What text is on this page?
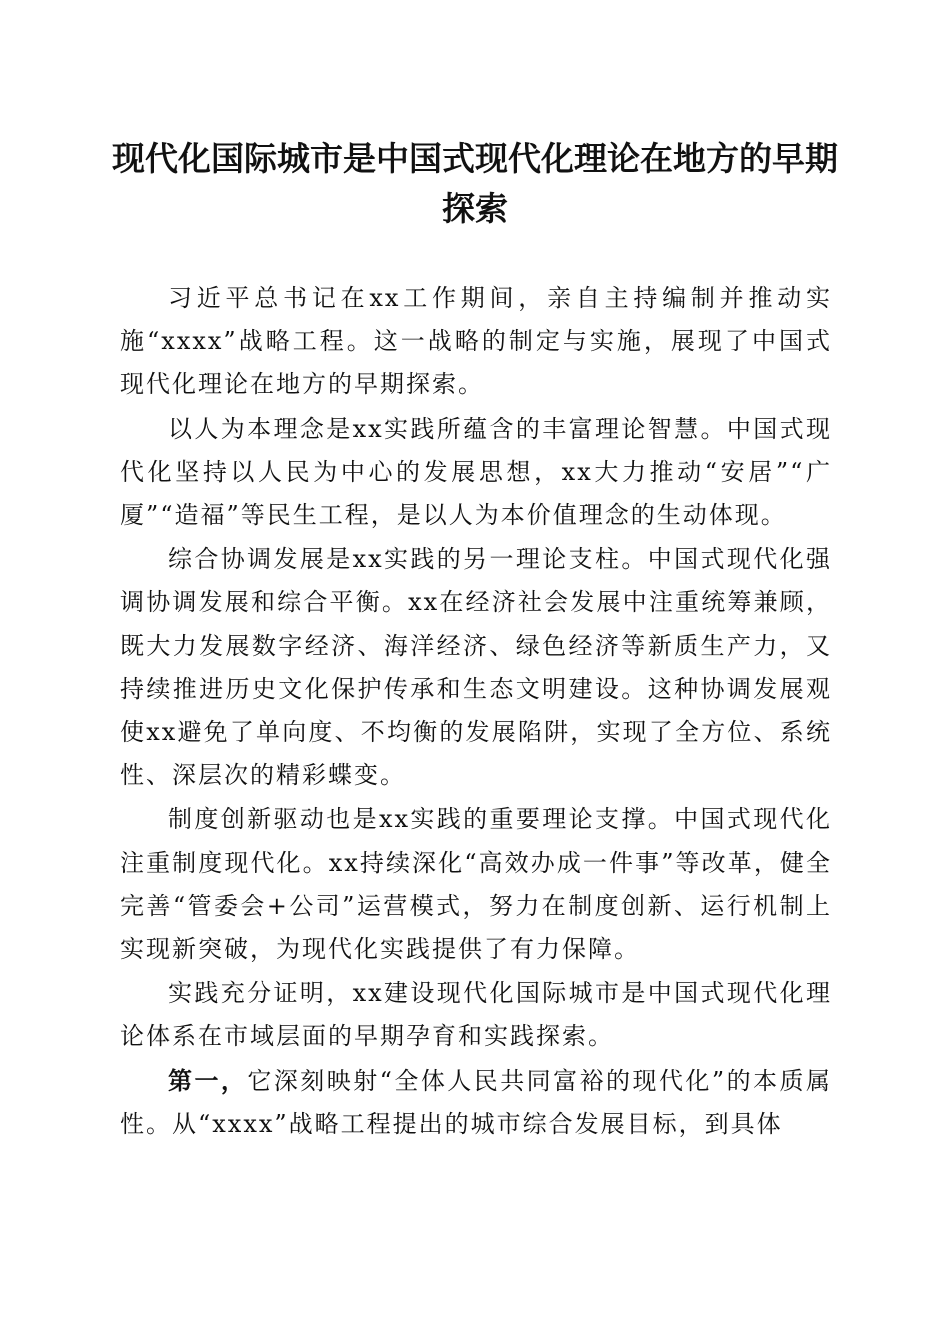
现代化国际城市是中国式现代化理论在地方的早期探索

习近平总书记在xx工作期间，亲自主持编制并推动实施“xxxx”战略工程。这一战略的制定与实施，展现了中国式现代化理论在地方的早期探索。

以人为本理念是xx实践所蕴含的丰富理论智慧。中国式现代化坚持以人民为中心的发展思想，xx大力推动“安居”“广厦”“造福”等民生工程，是以人为本价值理念的生动体现。

综合协调发展是xx实践的另一理论支柱。中国式现代化强调协调发展和综合平衡。xx在经济社会发展中注重统筹兼顾，既大力发展数字经济、海洋经济、绿色经济等新质生产力，又持续推进历史文化保护传承和生态文明建设。这种协调发展观使xx避免了单向度、不均衡的发展陷阱，实现了全方位、系统性、深层次的精彩蝶变。

制度创新驱动也是xx实践的重要理论支撑。中国式现代化注重制度现代化。xx持续深化“高效办成一件事”等改革，健全完善“管委会+公司”运营模式，努力在制度创新、运行机制上实现新突破，为现代化实践提供了有力保障。

实践充分证明，xx建设现代化国际城市是中国式现代化理论体系在市域层面的早期孕育和实践探索。

第一，它深刻映射“全体人民共同富裕的现代化”的本质属性。从“xxxx”战略工程提出的城市综合发展目标，到具体
